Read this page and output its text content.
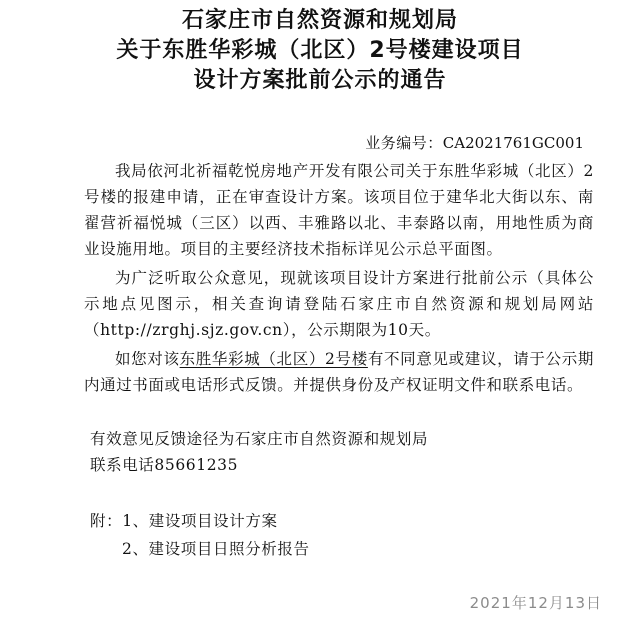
石家庄市自然资源和规划局
关于东胜华彩城（北区）2号楼建设项目
设计方案批前公示的通告
业务编号：CA2021761GC001
我局依河北祈福乾悦房地产开发有限公司关于东胜华彩城（北区）2号楼的报建申请，正在审查设计方案。该项目位于建华北大街以东、南翟营祈福悦城（三区）以西、丰雅路以北、丰泰路以南，用地性质为商业设施用地。项目的主要经济技术指标详见公示总平面图。
为广泛听取公众意见，现就该项目设计方案进行批前公示（具体公示地点见图示，相关查询请登陆石家庄市自然资源和规划局网站（http://zrghj.sjz.gov.cn），公示期限为10天。
如您对该东胜华彩城（北区）2号楼有不同意见或建议，请于公示期内通过书面或电话形式反馈。并提供身份及产权证明文件和联系电话。
有效意见反馈途径为石家庄市自然资源和规划局
联系电话85661235
附：1、建设项目设计方案
2、建设项目日照分析报告
2021年12月13日
